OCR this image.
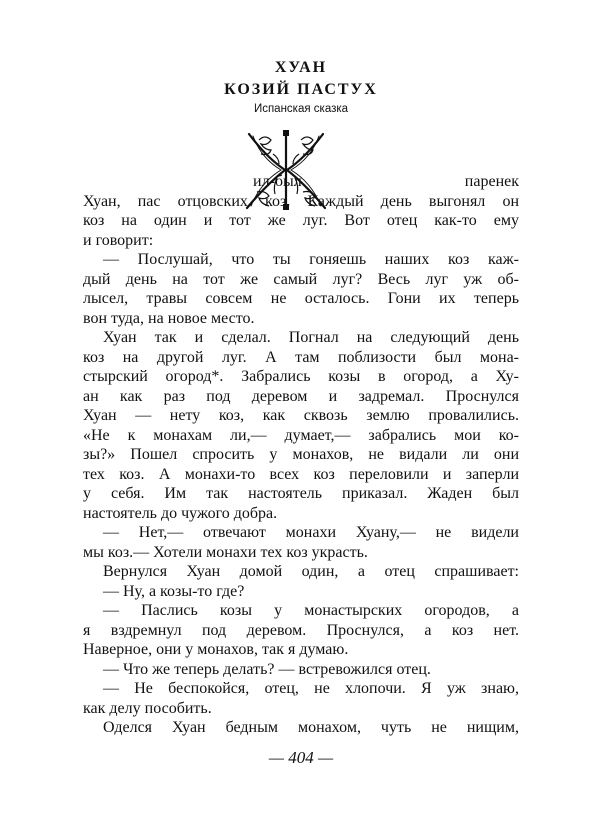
ХУАН
КОЗИЙ ПАСТУХ
Испанская сказка
ил-был паренек
Хуан, пас отцовских коз. Каждый день выгонял он
коз на один и тот же луг. Вот отец как-то ему
и говорит:
— Послушай, что ты гоняешь наших коз каж-
дый день на тот же самый луг? Весь луг уж об-
лысел, травы совсем не осталось. Гони их теперь
вон туда, на новое место.
Хуан так и сделал. Погнал на следующий день
коз на другой луг. А там поблизости был мона-
стырский огород*. Забрались козы в огород, а Ху-
ан как раз под деревом и задремал. Проснулся
Хуан — нету коз, как сквозь землю провалились.
«Не к монахам ли,— думает,— забрались мои ко-
зы?» Пошел спросить у монахов, не видали ли они
тех коз. А монахи-то всех коз переловили и заперли
у себя. Им так настоятель приказал. Жаден был
настоятель до чужого добра.
— Нет,— отвечают монахи Хуану,— не видели
мы коз.— Хотели монахи тех коз украсть.
Вернулся Хуан домой один, а отец спрашивает:
— Ну, а козы-то где?
— Паслись козы у монастырских огородов, а
я вздремнул под деревом. Проснулся, а коз нет.
Наверное, они у монахов, так я думаю.
— Что же теперь делать? — встревожился отец.
— Не беспокойся, отец, не хлопочи. Я уж знаю,
как делу пособить.
Оделся Хуан бедным монахом, чуть не нищим,
— 404 —
